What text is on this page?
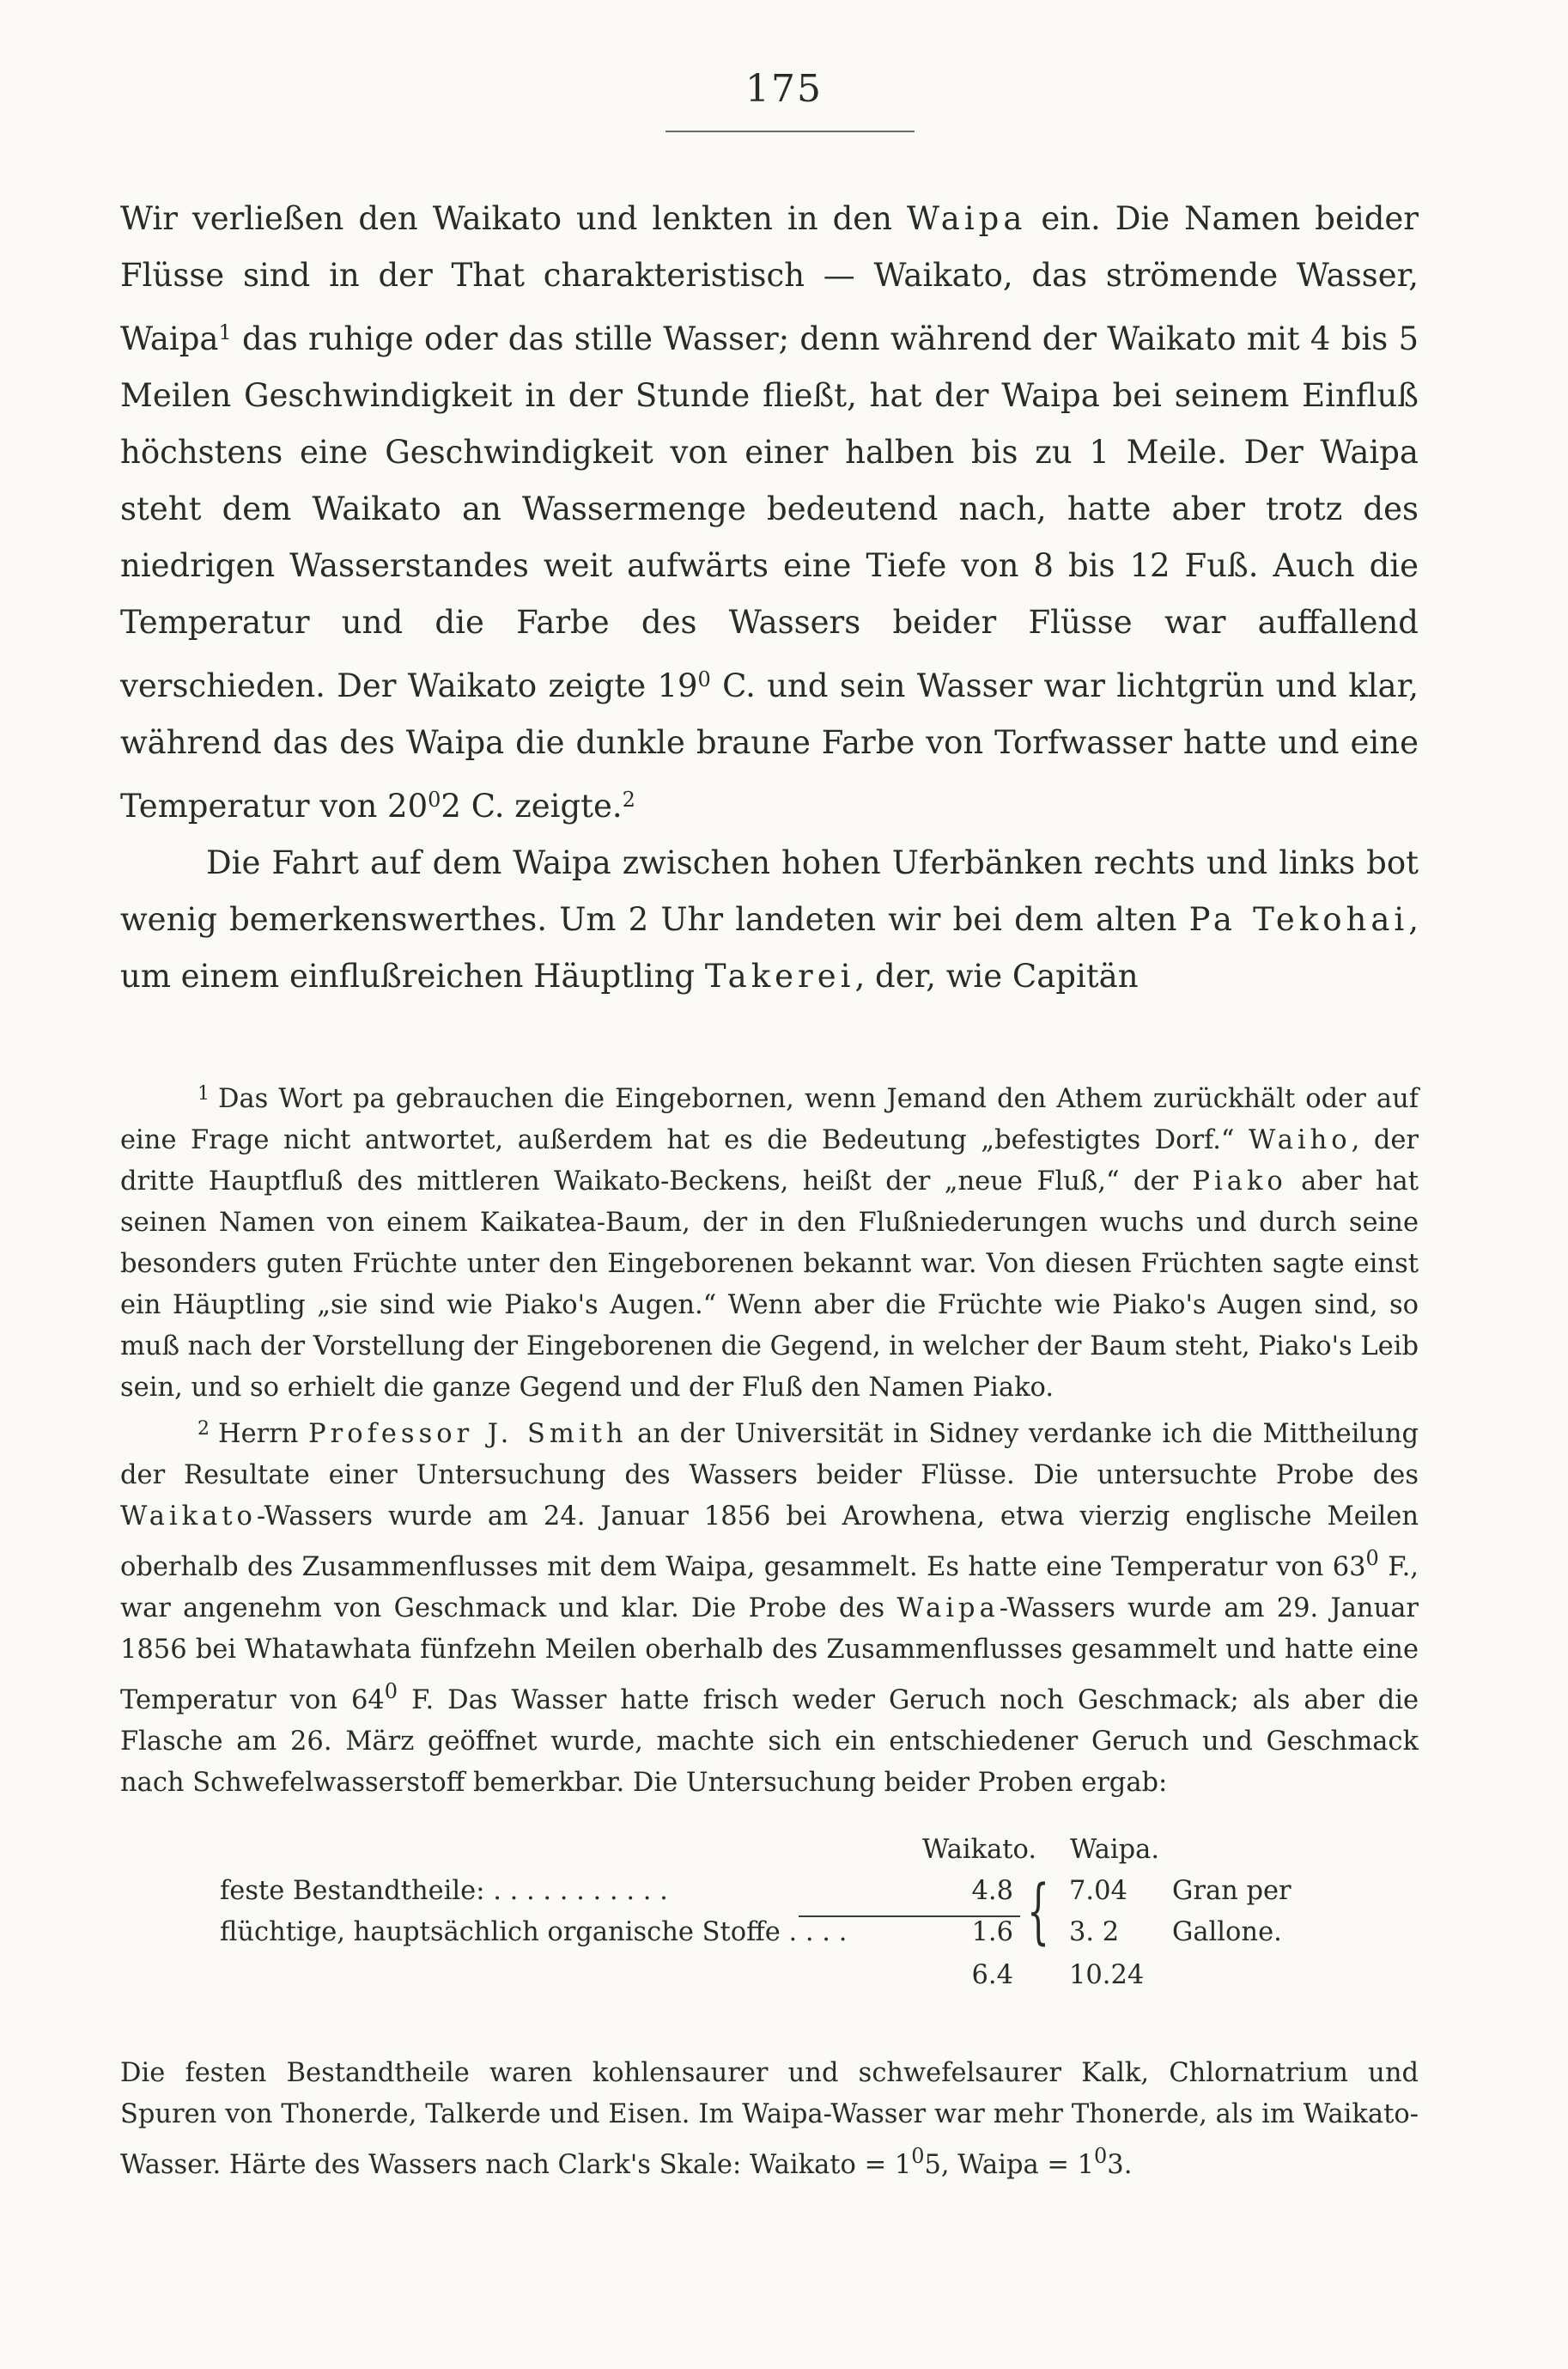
175

Wir verließen den Waikato und lenkten in den Waipa ein. Die Namen beider Flüsse sind in der That charakteristisch — Waikato, das strömende Wasser, Waipa$^1$ das ruhige oder das stille Wasser; denn während der Waikato mit 4 bis 5 Meilen Geschwindigkeit in der Stunde fließt, hat der Waipa bei seinem Einfluß höchstens eine Geschwindigkeit von einer halben bis zu 1 Meile. Der Waipa steht dem Waikato an Wassermenge bedeutend nach, hatte aber trotz des niedrigen Wasserstandes weit aufwärts eine Tiefe von 8 bis 12 Fuß. Auch die Temperatur und die Farbe des Wassers beider Flüsse war auffallend verschieden. Der Waikato zeigte $19^0$ C. und sein Wasser war lichtgrün und klar, während das des Waipa die dunkle braune Farbe von Torfwasser hatte und eine Temperatur von $20^02$ C. zeigte.$^2$

Die Fahrt auf dem Waipa zwischen hohen Uferbänken rechts und links bot wenig bemerkenswerthes. Um 2 Uhr landeten wir bei dem alten Pa Tekohai, um einem einflußreichen Häuptling Takerei, der, wie Capitän

$^1$ Das Wort pa gebrauchen die Eingebornen, wenn Jemand den Athem zurückhält oder auf eine Frage nicht antwortet, außerdem hat es die Bedeutung „befestigtes Dorf.“ Waiho, der dritte Hauptfluß des mittleren Waikato-Beckens, heißt der „neue Fluß,“ der Piako aber hat seinen Namen von einem Kaikatea-Baum, der in den Flußniederungen wuchs und durch seine besonders guten Früchte unter den Eingeborenen bekannt war. Von diesen Früchten sagte einst ein Häuptling „sie sind wie Piako's Augen.“ Wenn aber die Früchte wie Piako's Augen sind, so muß nach der Vorstellung der Eingeborenen die Gegend, in welcher der Baum steht, Piako's Leib sein, und so erhielt die ganze Gegend und der Fluß den Namen Piako.

$^2$ Herrn Professor J. Smith an der Universität in Sidney verdanke ich die Mittheilung der Resultate einer Untersuchung des Wassers beider Flüsse. Die untersuchte Probe des Waikato-Wassers wurde am 24. Januar 1856 bei Arowhena, etwa vierzig englische Meilen oberhalb des Zusammenflusses mit dem Waipa, gesammelt. Es hatte eine Temperatur von $63^0$ F., war angenehm von Geschmack und klar. Die Probe des Waipa-Wassers wurde am 29. Januar 1856 bei Whatawhata fünfzehn Meilen oberhalb des Zusammenflusses gesammelt und hatte eine Temperatur von $64^0$ F. Das Wasser hatte frisch weder Geruch noch Geschmack; als aber die Flasche am 26. März geöffnet wurde, machte sich ein entschiedener Geruch und Geschmack nach Schwefelwasserstoff bemerkbar. Die Untersuchung beider Proben ergab:

Waikato. Waipa.
feste Bestandtheile: . . . . . . . . . . .	4.8 7.04 Gran per
flüchtige, hauptsächlich organische Stoffe . . . .	1.6 3. 2 Gallone.
6.4 10.24
{

Die festen Bestandtheile waren kohlensaurer und schwefelsaurer Kalk, Chlornatrium und Spuren von Thonerde, Talkerde und Eisen. Im Waipa-Wasser war mehr Thonerde, als im Waikato-Wasser. Härte des Wassers nach Clark's Skale: Waikato = $1^05$, Waipa = $1^03$.
